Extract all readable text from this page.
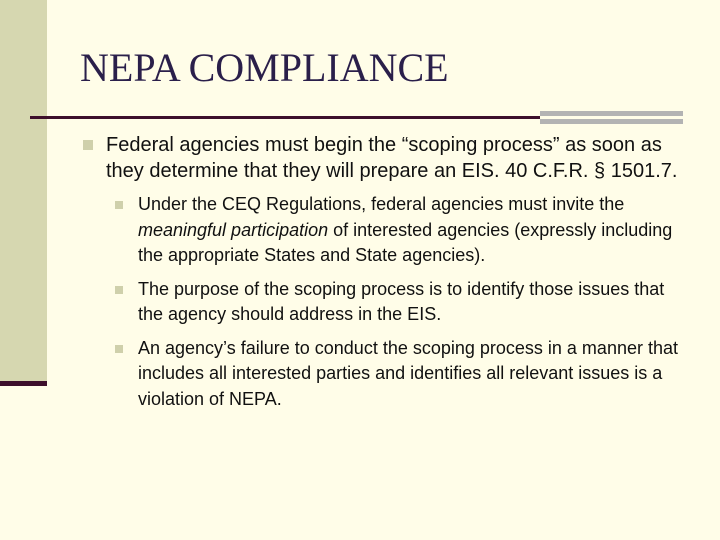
NEPA COMPLIANCE
Federal agencies must begin the “scoping process” as soon as they determine that they will prepare an EIS. 40 C.F.R. § 1501.7.
Under the CEQ Regulations, federal agencies must invite the meaningful participation of interested agencies (expressly including the appropriate States and State agencies).
The purpose of the scoping process is to identify those issues that the agency should address in the EIS.
An agency’s failure to conduct the scoping process in a manner that includes all interested parties and identifies all relevant issues is a violation of NEPA.
